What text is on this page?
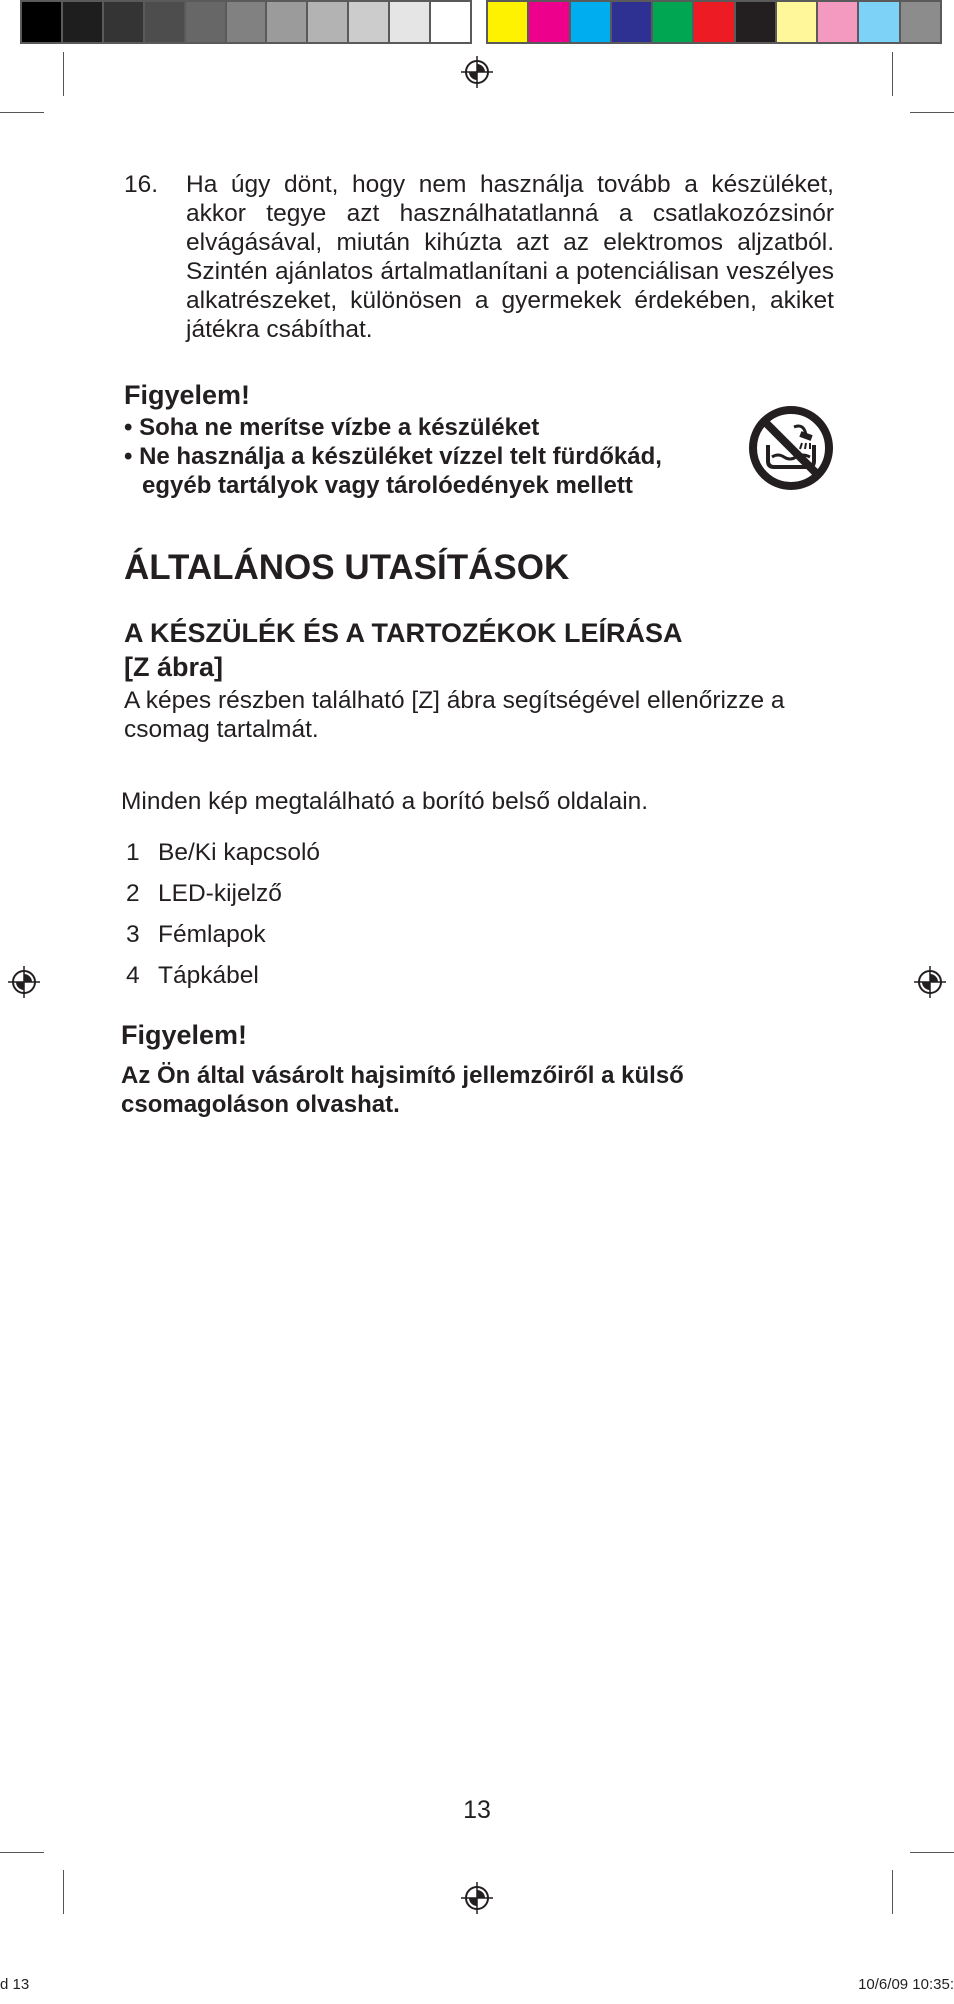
16.	Ha úgy dönt, hogy nem használja tovább a készüléket, akkor tegye azt használhatatlanná a csatlakozózsinór elvágásával, miután kihúzta azt az elektromos aljzatból. Szintén ajánlatos ártalmatlanítani a potenciálisan veszélyes alkatrészeket, különösen a gyermekek érdekében, akiket játékra csábíthat.
Figyelem!
• Soha ne merítse vízbe a készüléket
• Ne használja a készüléket vízzel telt fürdőkád, egyéb tartályok vagy tárolóedények mellett
ÁLTALÁNOS UTASÍTÁSOK
A KÉSZÜLÉK ÉS A TARTOZÉKOK LEÍRÁSA
[Z ábra]

A képes részben található [Z] ábra segítségével ellenőrizze a csomag tartalmát.

Minden kép megtalálható a borító belső oldalain.

1 Be/Ki kapcsoló
2 LED-kijelző
3 Fémlapok
4 Tápkábel
Figyelem!

Az Ön által vásárolt hajsimító jellemzőiről a külső csomagoláson olvashat.

13
d 13	10/6/09 10:35:
